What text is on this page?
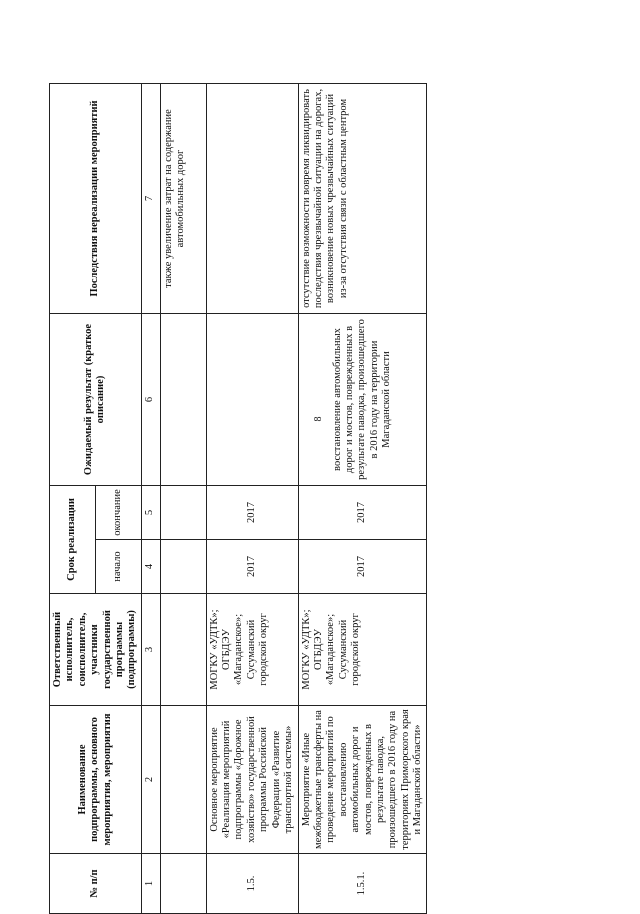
8
№ п/п	Наименование подпрограммы, основного мероприятия, мероприятия	Ответственный исполнитель, соисполнитель, участники государственной программы (подпрограммы)	Срок реализации		Ожидаемый результат (краткое описание)	Последствия нереализации мероприятий
			начало	окончание		
1	2	3	4	5	6	7
						также увеличение затрат на содержание автомобильных дорог
1.5.	Основное мероприятие «Реализация мероприятий подпрограммы «Дорожное хозяйство» государственной программы Российской Федерации «Развитие транспортной системы»	МОГКУ «УДТК»; ОГБДЭУ «Магаданское»; Сусуманский городской округ	2017	2017		
1.5.1.	Мероприятие «Иные межбюджетные трансферты на проведение мероприятий по восстановлению автомобильных дорог и мостов, поврежденных в результате паводка, произошедшего в 2016 году на территориях Приморского края и Магаданской области»	МОГКУ «УДТК»; ОГБДЭУ «Магаданское»; Сусуманский городской округ	2017	2017	восстановление автомобильных дорог и мостов, поврежденных в результате паводка, произошедшего в 2016 году на территории Магаданской области	отсутствие возможности вовремя ликвидировать последствия чрезвычайной ситуации на дорогах, возникновение новых чрезвычайных ситуаций из-за отсутствия связи с областным центром
